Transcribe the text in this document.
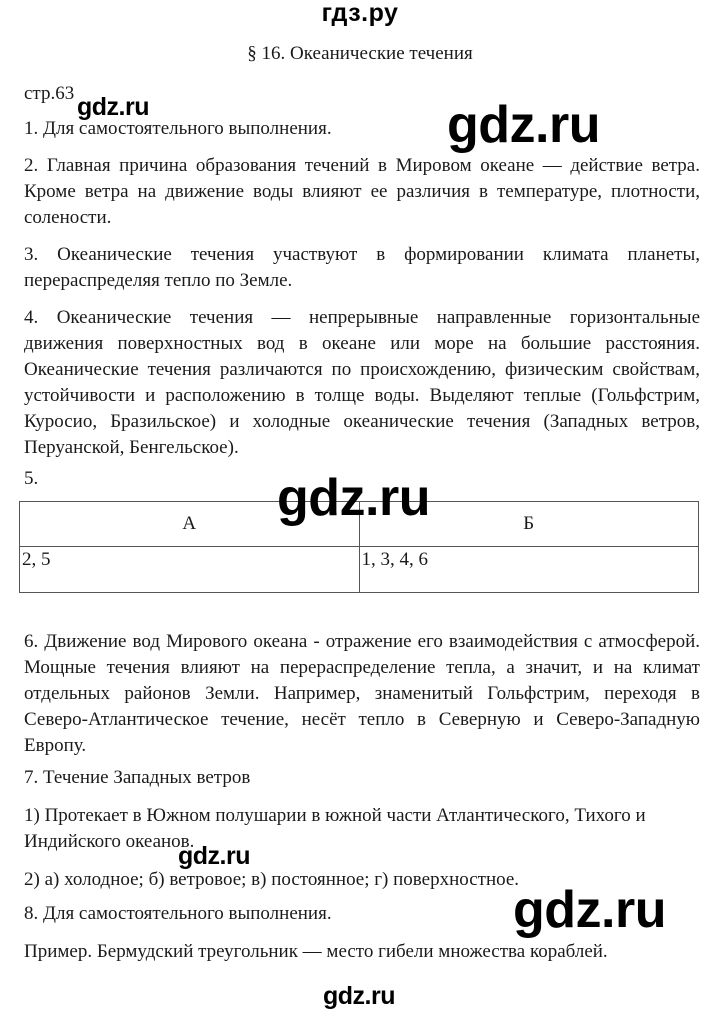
гдз.ру
§ 16. Океанические течения
стр.63
1. Для самостоятельного выполнения.
2. Главная причина образования течений в Мировом океане — действие ветра. Кроме ветра на движение воды влияют ее различия в температуре, плотности, солености.
3. Океанические течения участвуют в формировании климата планеты, перераспределяя тепло по Земле.
4. Океанические течения — непрерывные направленные горизонтальные движения поверхностных вод в океане или море на большие расстояния. Океанические течения различаются по происхождению, физическим свойствам, устойчивости и расположению в толще воды. Выделяют теплые (Гольфстрим, Куросио, Бразильское) и холодные океанические течения (Западных ветров, Перуанской, Бенгельское).
5.
А	Б
2, 5	1, 3, 4, 6
6. Движение вод Мирового океана - отражение его взаимодействия с атмосферой. Мощные течения влияют на перераспределение тепла, а значит, и на климат отдельных районов Земли. Например, знаменитый Гольфстрим, переходя в Северо-Атлантическое течение, несёт тепло в Северную и Северо-Западную Европу.
7. Течение Западных ветров
1) Протекает в Южном полушарии в южной части Атлантического, Тихого и Индийского океанов.
2) а) холодное; б) ветровое; в) постоянное; г) поверхностное.
8. Для самостоятельного выполнения.
Пример. Бермудский треугольник — место гибели множества кораблей.
gdz.ru	gdz.ru
gdz.ru
gdz.ru
gdz.ru
gdz.ru
